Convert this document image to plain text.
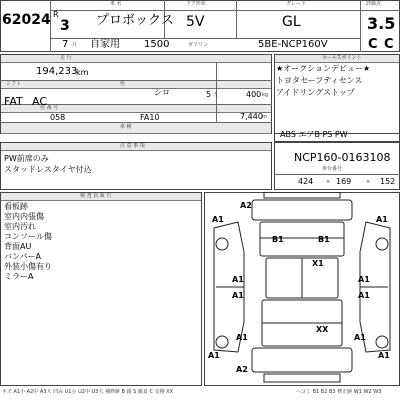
車 名	ドア形状	グレード	評価点
62024 R
3 プロボックス 5V	GL	3.5
7 月 自家用 1500	ガソリン	5BE-NCP160V	C C
走 行
シフト	色
色 番 号
車 検
194,233
km
FAT AC
シロ	5 人	400 kg
058	FA10	7,440 m
セールスポイント
★オークションデビュー★
トヨタセーフティセンス
アイドリングストップ
ABS エアB PS PW
注 意 事 項
PW前席のみ
スタッドレスタイヤ付込	車台番号
NCP160-0163108
424	169	152
×	×
検 査 員 報 告
看板跡
室内内張傷
室内汚れ
コンソール傷
背面AU
バンパーA
外装小傷有り
ミラーA
A2
A1
A1
B1	B1
X1
A1	A1
A1	A1
XX
A1	A1
A1
A2
A1
キズ A1小 A2中 A3大 凹み U1小 U2中 U3大 補修跡 B 錆 S 腐食 C 交換 XX	ヘコミ B1 B2 B3 修正跡 W1 W2 W3
